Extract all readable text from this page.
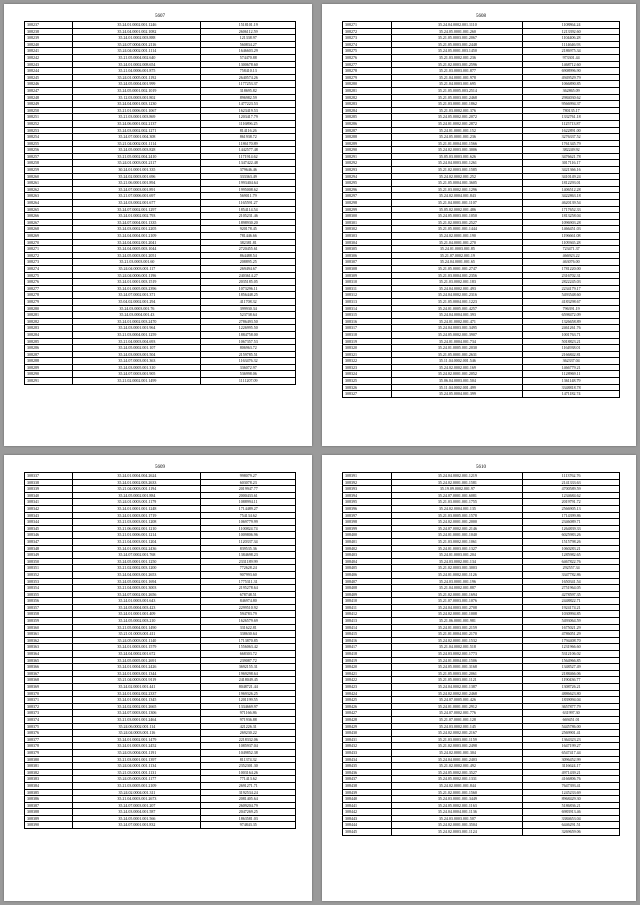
5607
308237	35.24.01.0002.001.1246	1518101.19
308238	35.24.04.0001.002.1082	2606112.59
308239	35.24.01.0002.003.888	121338.97
308240	35.24.07.0004.001.2116	560834.27
308241	35.24.04.0002.001.1114	1646603.29
308242	35.21.05.0004.002.640	574470.88
308243	35.24.01.0002.008.654	1300678.60
308244	35.21.04.0006.001.875	758410.13
308245	35.24.01.0005.001.1192	2640574.26
308246	35.24.05.0004.001.999	1177253.37
308247	35.24.05.0001.002.1019	318695.82
308248	35.12.03.0003.001.802	896982.59
308249	35.24.04.0001.003.1230	1477223.53
308250	35.21.01.0006.001.1067	1623419.53
308251	35.21.03.0001.003.869	1203417.79
308252	35.24.06.0001.002.2137	1116896.25
308253	35.24.03.0002.002.1271	814116.26
308254	35.24.07.0001.004.308	861938.72
308255	35.21.04.0002.001.1114	1186170.89
308256	35.24.05.0005.003.828	1442577.48
308257	35.21.05.0002.004.2410	1171914.62
308258	35.24.01.0003.001.2117	1347422.48
308259	30.24.01.0001.001.335	379646.46
308260	35.24.02.0003.001.696	333363.49
308261	35.21.06.0001.001.894	1993404.64
308262	35.24.07.0003.001.891	1995008.62
308263	35.21.07.0006.001.697	569011.79
308264	35.24.03.0002.001.677	1165591.27
308265	35.24.07.0002.001.1297	1854114.54
308266	35.24.01.0002.002.793	2105231.46
308267	35.24.07.0004.001.1335	1898930.20
308268	35.24.03.0002.001.2205	920178.45
308269	35.24.04.0004.001.2109	781446.66
308270	35.24.04.0002.001.2041	382381.81
308271	35.24.04.0005.003.1044	2720455.61
308272	35.24.05.0003.001.2051	864488.54
308273	35.21.03.0003.001.60	208895.25
308274	35.24.04.0003.001.117	269494.67
308275	35.24.04.0006.001.1196	2403614.27
308276	35.24.01.0001.003.1519	2035185.05
308277	35.24.01.0005.003.2396	1073296.11
308278	35.24.07.0002.001.371	1856448.25
308279	35.04.02.0002.001.294	411708.32
308280	35.24.03.0003.001.76	399930.34
308281	35.24.03.0004.001.43	523738.64
308282	35.24.01.0002.003.2470	2786493.50
308283	35.24.03.0001.001.964	1226995.50
308284	35.21.03.0004.001.1259	1884758.00
308285	35.21.04.0003.004.693	1067357.53
308286	35.24.05.0002.001.107	806963.72
308287	35.24.03.0003.001.504	2159785.51
308288	35.24.07.0003.001.363	1163476.32
308289	35.24.03.0005.001.310	336072.97
308290	35.24.07.0003.001.905	536998.06
308291	35.21.02.0002.001.1499	1111207.09
5608
308271	35.24.04.0002.001.1110	1108864.24
308272	35.24.05.0001.001.260	1213392.60
308273	35.21.05.0003.001.2067	1104406.28
308274	35.21.05.0003.001.2448	1114646.93
308275	35.24.05.0001.003.1450	2186975.34
308276	35.21.03.0002.001.236	973301.44
308277	35.21.02.0003.001.2596	1468712.60
308278	35.21.03.0003.001.877	6908996.90
308279	35.21.04.0001.001.978	4949529.79
308280	35.21.04.0003.001.695	1066890.85
308281	35.21.05.0005.003.2514	362865.09
308282	35.21.05.0003.001.2468	2984030.62
308283	35.21.03.0001.001.1862	9566994.37
308284	35.21.03.0002.001.376	780135.17
308285	35.24.05.0002.001.2072	1332761.18
308286	35.24.01.0002.001.2872	1125713.87
308287	35.24.01.0001.001.152	1622891.00
308288	35.24.05.0001.001.236	3276337.52
308289	35.21.01.0004.001.1566	1761345.79
308290	35.24.02.0003.001.3006	382249.92
308291	35.05.03.0003.001.626	3476621.78
308292	35.24.04.0003.001.1261	3017116.17
308293	35.21.02.0003.001.1585	3421366.16
308294	35.24.02.0002.001.252	3410149.24
308295	35.21.05.0004.001.3605	1812293.01
308296	35.21.03.0002.001.1296	1406512.28
308297	35.24.02.0004.001.843	3422863.18
308298	35.21.04.0001.001.1107	4620139.54
308299	35.05.02.0002.001.486	1717652.33
308300	35.24.05.0003.001.1050	1813258.04
308301	35.21.02.0003.001.2527	1096903.28
308302	35.21.05.0001.001.1444	1466451.03
308303	35.24.02.0001.001.190	1196661.08
308304	35.21.04.0001.001.270	1109365.28
308305	35.24.01.0003.001.85	723471.37
308306	35.21.07.0002.001.19	466923.22
308307	35.24.04.0001.001.65	463076.00
308308	35.21.05.0001.001.2747	1781220.00
308309	35.21.03.0004.001.2356	2316702.31
308310	35.21.03.0002.001.183	2822245.03
308311	35.24.04.0002.001.493	2234179.17
308312	35.24.04.0002.001.2316	5493548.60
308313	35.21.05.0004.001.1223	4183298.67
308314	35.24.01.0005.001.4257	796391.19
308315	35.24.04.0004.001.393	6598472.09
308316	35.24.01.0002.001.471	1326658.89
308317	35.24.04.0003.001.3495	2461261.76
308318	35.24.05.0002.001.3907	1001763.71
308319	35.24.01.0004.001.734	5018823.21
308320	35.24.01.0005.001.2030	1164938.01
308321	35.21.05.0001.001.2631	2166842.81
308322	35.11.04.0002.001.546	362337.04
308323	35.24.02.0002.001.169	1466779.21
308324	35.24.02.0001.001.2052	1128969.11
308325	35.06.04.0003.001.504	1361148.79
308326	35.11.04.0002.001.499	3348818.78
308327	35.24.05.0004.001.399	1471182.74
5609
308337	35.24.01.0004.004.2624	998079.27
308338	35.24.01.0002.003.2633	603078.23
308339	35.21.04.0003.001.1194	2019947.77
308340	35.24.05.0002.001.884	2000433.61
308341	35.24.01.0003.001.1179	1088994.11
308342	35.24.01.0001.001.1248	1714489.27
308343	35.24.01.0003.001.1719	754134.62
308344	35.21.03.0003.001.1208	1069779.99
308345	35.21.06.0002.001.1210	1100824.74
308346	35.21.01.0006.001.1214	1009806.96
308347	35.21.04.0003.001.1204	1120337.34
308348	35.24.01.0003.002.2436	839535.36
308349	35.24.07.0002.001.768	1384698.23
308350	35.24.05.0001.001.1250	2331189.99
308351	35.21.02.0002.003.1200	772628.24
308352	35.24.04.0003.001.2653	907993.60
308353	35.24.05.0002.001.1694	1775311.31
308354	35.21.04.0003.001.3003	2195278.64
308355	35.24.07.0002.001.2656	678748.51
308356	35.24.01.0003.001.643	846974.80
308357	35.24.05.0004.003.423	2299510.92
308358	35.24.01.0001.001.409	594783.79
308359	35.24.05.0002.003.210	1626579.69
308360	35.21.05.0004.001.1490	331622.81
308361	35.21.01.0003.001.411	338630.64
308362	35.24.05.0003.001.1140	1713870.85
308363	35.24.01.0003.001.1579	1556063.42
308364	35.24.04.0002.001.672	668303.72
308365	35.24.05.0005.001.2691	239087.72
308366	35.24.01.0004.001.2426	3692155.31
308367	35.24.01.0003.001.1344	1969298.64
308368	35.21.04.0003.001.9119	2418049.45
308369	35.24.02.0001.001.441	8048721.44
308370	35.24.01.0002.002.2337	1969326.25
308371	35.24.01.0004.001.1345	1201199.55
308372	35.24.02.0002.001.2665	1334669.97
308373	35.24.07.0003.001.1306	971166.86
308374	35.21.03.0001.001.2464	971936.88
308375	35.24.06.0002.001.114	421226.31
308376	35.24.04.0003.001.116	269230.22
308377	35.24.01.0002.001.1479	2218332.06
308378	35.24.01.0003.001.2452	1085937.04
308379	35.24.03.0004.001.1191	1049852.38
308380	35.21.03.0001.001.1397	811374.32
308381	35.24.04.0001.001.1134	2352301.30
308382	35.21.03.0001.001.1131	1003164.26
308383	35.24.05.0003.001.1177	771413.62
308384	35.21.03.0005.001.2109	2691271.71
308385	35.24.02.0004.001.311	3192534.24
308386	35.21.04.0003.001.2673	2081405.64
308387	35.24.07.0003.001.207	2609204.79
308388	35.24.03.0004.001.587	2047269.25
308389	35.24.05.0001.001.566	1863581.03
308390	35.24.07.0001.001.832	974843.35
5610
308391	35.24.04.0002.001.1219	1113762.76
308392	35.24.02.0001.001.1581	2141333.63
308393	35.19.09.0002.001.97	4700589.59
308394	35.24.07.0001.001.6081	1234684.62
308395	35.21.03.0001.001.1755	2019791.72
308396	35.24.02.0004.001.135	2566905.13
308397	35.21.03.0005.001.1578	1714399.86
308398	35.24.02.0001.001.2000	2346089.71
308399	35.24.07.0002.001.2146	1264839.33
308400	35.24.01.0001.001.1040	6025983.26
308401	35.21.03.0002.001.1061	1515798.26
308402	35.24.01.0003.001.1327	1060283.21
308403	35.24.01.0003.001.204	1285982.65
308404	35.24.03.0002.001.134	6467822.76
308405	35.21.02.0003.001.3003	292557.34
308406	35.24.01.0002.001.1126	3347782.86
308407	35.24.03.0001.001.196	1650341.54
308408	35.21.04.0002.001.887	2751964.05
308409	35.21.02.0001.001.1694	4278597.35
308410	35.21.07.0003.001.1076	2448822.71
308411	35.24.04.0003.001.2708	1924174.21
308412	35.24.02.0001.001.1008	1030994.85
308413	35.21.06.0001.001.981	5493064.59
308414	35.24.01.0003.001.2159	1675021.29
308415	35.21.01.0004.001.2170	4786051.29
308416	35.24.02.0001.001.1532	1794408.70
308417	35.21.04.0002.001.518	1231966.60
308418	35.24.03.0002.001.1773	5312106.02
308419	35.24.01.0004.001.1506	1564966.85
308420	35.24.05.0001.001.3168	1348527.49
308421	35.21.05.0003.001.2061	2188466.06
308422	35.21.05.0003.001.1121	1190436.77
308423	35.24.04.0002.001.1387	1308726.21
308424	35.24.02.0002.001.2468	4886623.80
308425	35.24.07.0005.001.426	1839094.04
308426	35.24.01.0001.001.2912	3657877.79
308427	35.24.07.0002.001.776	631997.30
308428	35.21.07.0001.001.128	669451.01
308429	35.24.03.0002.001.145	5445786.00
308430	35.24.02.0002.001.2167	2569901.41
308431	35.21.03.0003.001.1159	1364323.23
308432	35.21.02.0003.001.2498	1647199.27
308433	35.24.02.0001.001.304	6547417.44
308434	35.24.04.0001.001.2403	3096452.99
308435	35.21.02.0002.001.492	3116624.17
308436	35.24.05.0002.001.3527	4971439.21
308437	35.24.05.0002.001.1331	4166806.76
308438	35.24.02.0001.001.844	7647393.41
308439	35.21.02.0001.001.1560	1245233.69
308440	35.24.03.0001.001.3449	8968429.30
308441	35.24.05.0002.001.1163	5186836.21
308442	35.24.04.0004.001.1136	6983913.46
308443	35.24.03.0003.001.507	3384653.04
308444	35.24.02.0001.001.3504	6446291.51
308445	35.24.02.0003.001.1124	3269659.06
